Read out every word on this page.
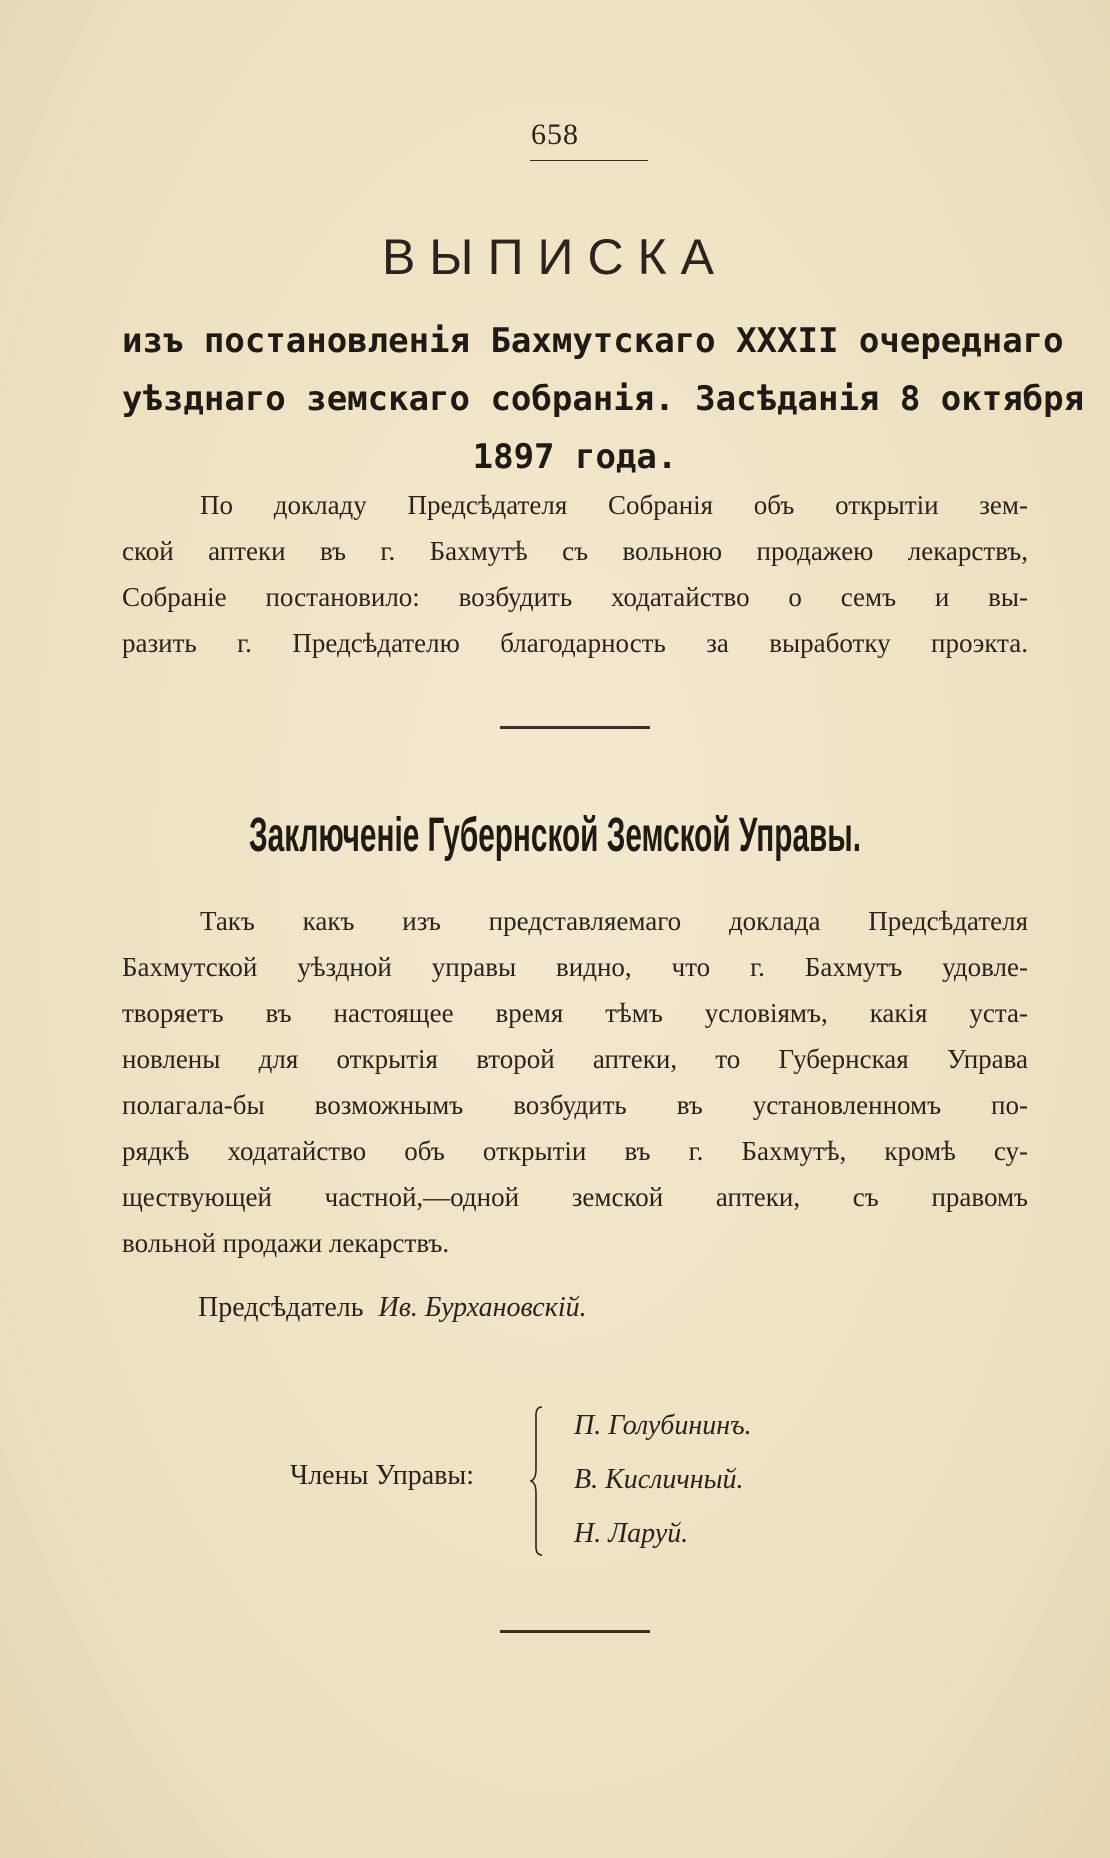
658
ВЫПИСКА
изъ постановленія Бахмутскаго XXXII очереднаго
уѣзднаго земскаго собранія. Засѣданія 8 октября
1897 года.
По докладу Предсѣдателя Собранія объ открытіи зем-
ской аптеки въ г. Бахмутѣ съ вольною продажею лекарствъ,
Собраніе постановило: возбудить ходатайство о семъ и вы-
разить г. Предсѣдателю благодарность за выработку проэкта.
Заключеніе Губернской Земской Управы.
Такъ какъ изъ представляемаго доклада Предсѣдателя
Бахмутской уѣздной управы видно, что г. Бахмутъ удовле-
творяетъ въ настоящее время тѣмъ условіямъ, какія уста-
новлены для открытія второй аптеки, то Губернская Управа
полагала-бы возможнымъ возбудить въ установленномъ по-
рядкѣ ходатайство объ открытіи въ г. Бахмутѣ, кромѣ су-
ществующей частной,—одной земской аптеки, съ правомъ
вольной продажи лекарствъ.
Предсѣдатель Ив. Бурхановскій.
Члены Управы:
П. Голубининъ.
В. Кисличный.
Н. Ларуй.
